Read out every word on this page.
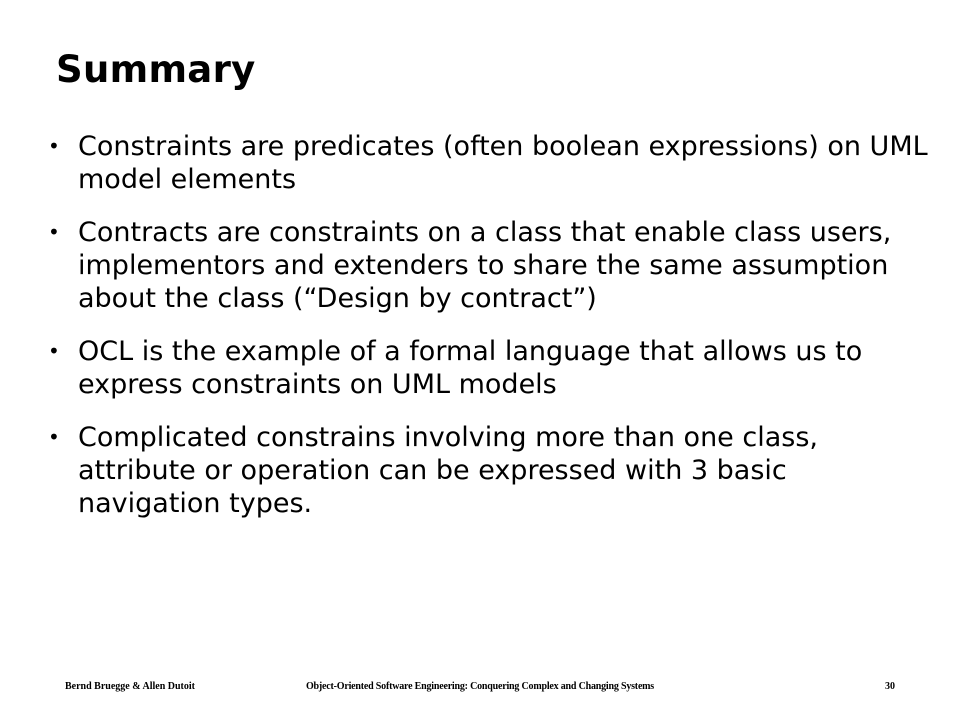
Summary
• Constraints are predicates (often boolean expressions) on UML model elements
• Contracts are constraints on a class that enable class users, implementors and extenders to share the same assumption about the class (“Design by contract”)
• OCL is the example of a formal language that allows us to express constraints on UML models
• Complicated constrains involving more than one class, attribute or operation can be expressed with 3 basic navigation types.
Bernd Bruegge & Allen Dutoit	Object-Oriented Software Engineering: Conquering Complex and Changing Systems	30
